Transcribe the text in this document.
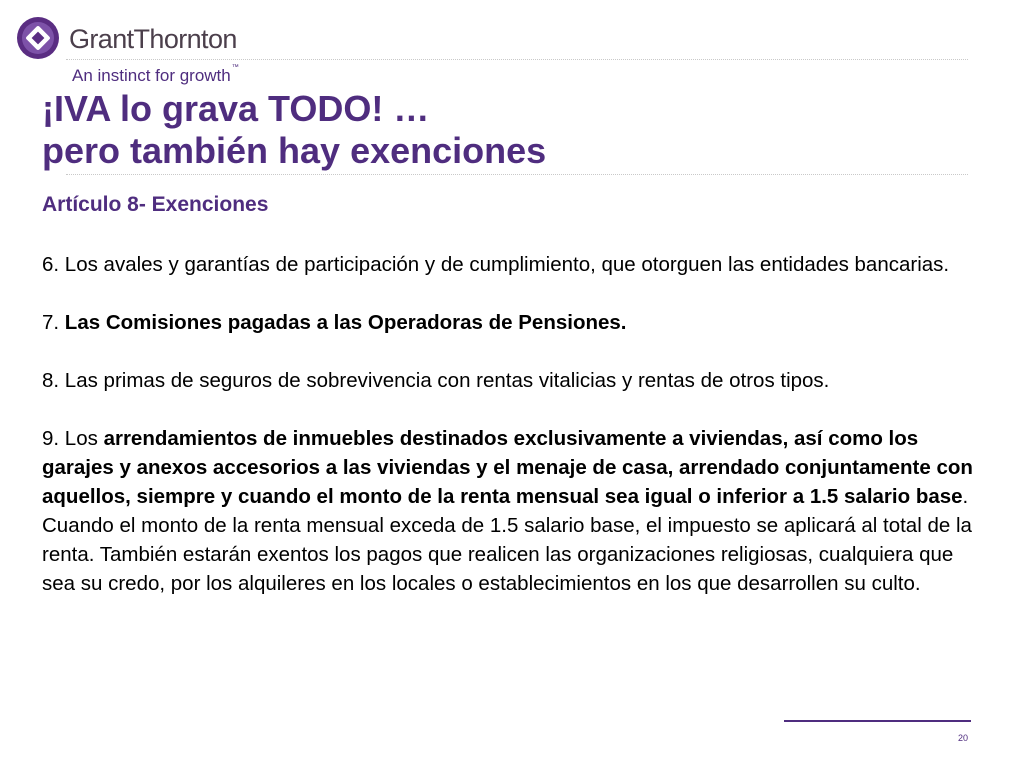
GrantThornton
An instinct for growth™
¡IVA lo grava TODO! …
pero también hay exenciones
Artículo 8- Exenciones

6. Los avales y garantías de participación y de cumplimiento, que otorguen las entidades bancarias.

7. Las Comisiones pagadas a las Operadoras de Pensiones.

8. Las primas de seguros de sobrevivencia con rentas vitalicias y rentas de otros tipos.

9. Los arrendamientos de inmuebles destinados exclusivamente a viviendas, así como los garajes y anexos accesorios a las viviendas y el menaje de casa, arrendado conjuntamente con aquellos, siempre y cuando el monto de la renta mensual sea igual o inferior a 1.5 salario base. Cuando el monto de la renta mensual exceda de 1.5 salario base, el impuesto se aplicará al total de la renta. También estarán exentos los pagos que realicen las organizaciones religiosas, cualquiera que sea su credo, por los alquileres en los locales o establecimientos en los que desarrollen su culto.

20
